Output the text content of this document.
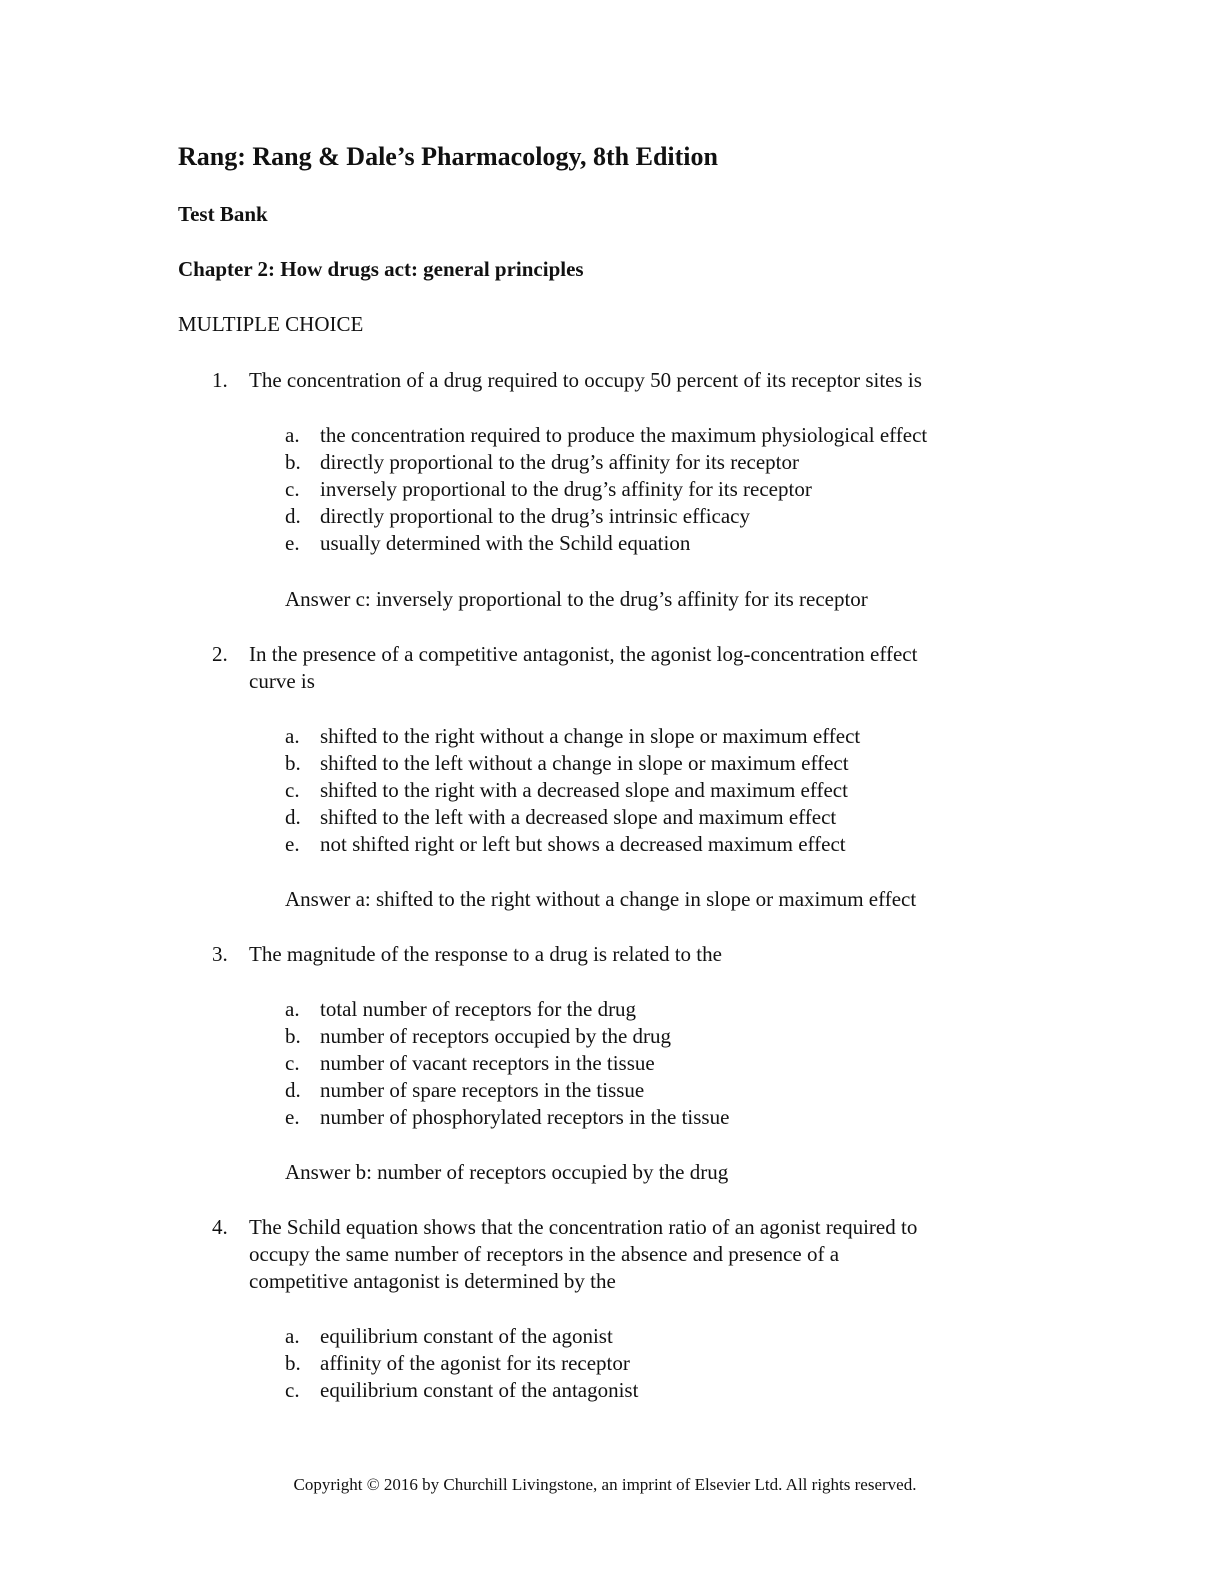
Rang: Rang & Dale’s Pharmacology, 8th Edition
Test Bank
Chapter 2: How drugs act: general principles
MULTIPLE CHOICE
1. The concentration of a drug required to occupy 50 percent of its receptor sites is
a. the concentration required to produce the maximum physiological effect
b. directly proportional to the drug’s affinity for its receptor
c. inversely proportional to the drug’s affinity for its receptor
d. directly proportional to the drug’s intrinsic efficacy
e. usually determined with the Schild equation
Answer c: inversely proportional to the drug’s affinity for its receptor
2. In the presence of a competitive antagonist, the agonist log-concentration effect
curve is
a. shifted to the right without a change in slope or maximum effect
b. shifted to the left without a change in slope or maximum effect
c. shifted to the right with a decreased slope and maximum effect
d. shifted to the left with a decreased slope and maximum effect
e. not shifted right or left but shows a decreased maximum effect
Answer a: shifted to the right without a change in slope or maximum effect
3. The magnitude of the response to a drug is related to the
a. total number of receptors for the drug
b. number of receptors occupied by the drug
c. number of vacant receptors in the tissue
d. number of spare receptors in the tissue
e. number of phosphorylated receptors in the tissue
Answer b: number of receptors occupied by the drug
4. The Schild equation shows that the concentration ratio of an agonist required to
occupy the same number of receptors in the absence and presence of a
competitive antagonist is determined by the
a. equilibrium constant of the agonist
b. affinity of the agonist for its receptor
c. equilibrium constant of the antagonist
Copyright © 2016 by Churchill Livingstone, an imprint of Elsevier Ltd. All rights reserved.
